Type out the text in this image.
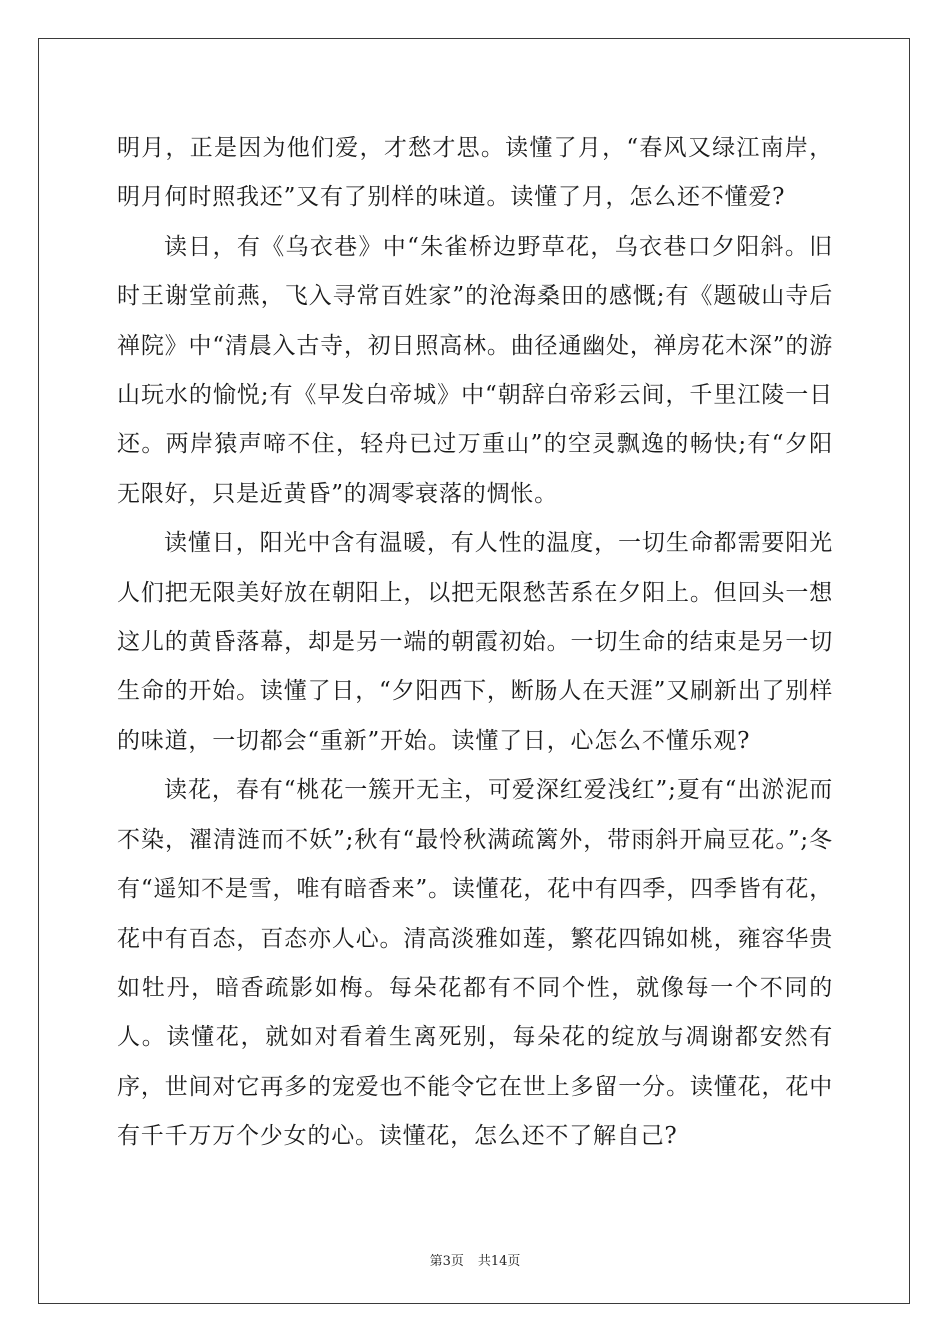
明月，正是因为他们爱，才愁才思。读懂了月，“春风又绿江南岸，明月何时照我还”又有了别样的味道。读懂了月，怎么还不懂爱?

读日，有《乌衣巷》中“朱雀桥边野草花，乌衣巷口夕阳斜。旧时王谢堂前燕，飞入寻常百姓家”的沧海桑田的感慨;有《题破山寺后禅院》中“清晨入古寺，初日照高林。曲径通幽处，禅房花木深”的游山玩水的愉悦;有《早发白帝城》中“朝辞白帝彩云间，千里江陵一日还。两岸猿声啼不住，轻舟已过万重山”的空灵飘逸的畅快;有“夕阳无限好，只是近黄昏”的凋零衰落的惆怅。

读懂日，阳光中含有温暖，有人性的温度，一切生命都需要阳光人们把无限美好放在朝阳上，以把无限愁苦系在夕阳上。但回头一想这儿的黄昏落幕，却是另一端的朝霞初始。一切生命的结束是另一切生命的开始。读懂了日，“夕阳西下，断肠人在天涯”又刷新出了别样的味道，一切都会“重新”开始。读懂了日，心怎么不懂乐观?

读花，春有“桃花一簇开无主，可爱深红爱浅红”;夏有“出淤泥而不染，濯清涟而不妖”;秋有“最怜秋满疏篱外，带雨斜开扁豆花。”;冬有“遥知不是雪，唯有暗香来”。读懂花，花中有四季，四季皆有花，花中有百态，百态亦人心。清高淡雅如莲，繁花四锦如桃，雍容华贵如牡丹，暗香疏影如梅。每朵花都有不同个性，就像每一个不同的人。读懂花，就如对看着生离死别，每朵花的绽放与凋谢都安然有序，世间对它再多的宠爱也不能令它在世上多留一分。读懂花，花中有千千万万个少女的心。读懂花，怎么还不了解自己?

第3页 共14页
